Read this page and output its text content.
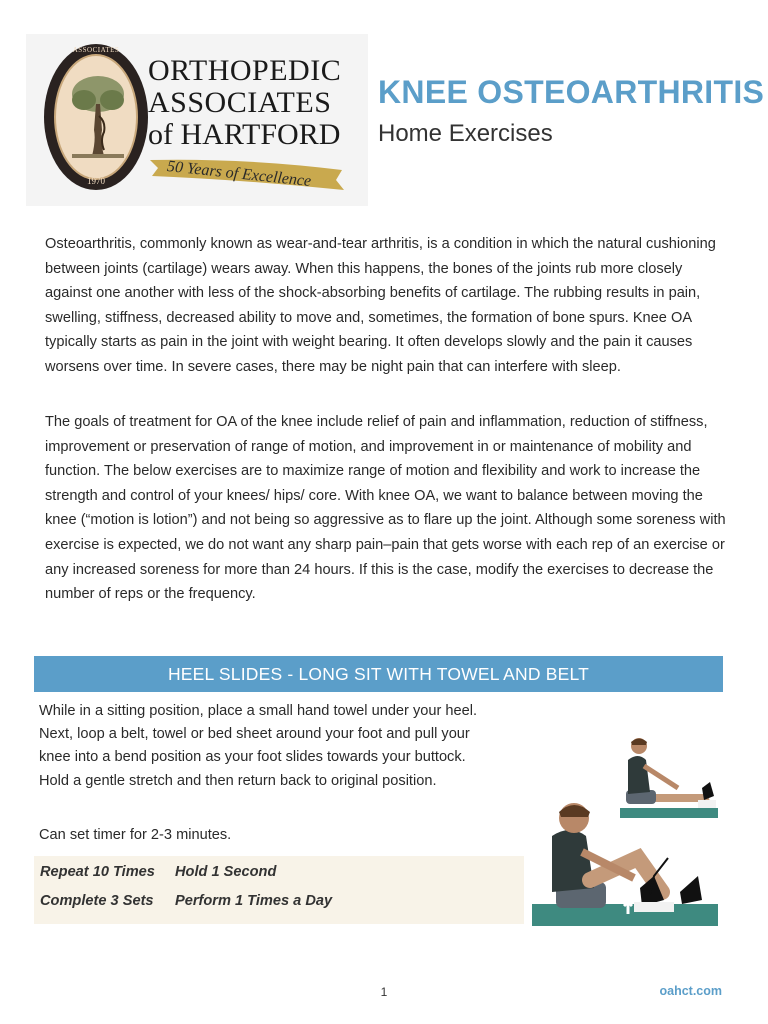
ASSOCIATES
1970
ORTHOPEDIC
ASSOCIATES
of HARTFORD
50 Years of Excellence
KNEE OSTEOARTHRITIS
Home Exercises

Osteoarthritis, commonly known as wear-and-tear arthritis, is a condition in which the natural cushioning between joints (cartilage) wears away. When this happens, the bones of the joints rub more closely against one another with less of the shock-absorbing benefits of cartilage. The rubbing results in pain, swelling, stiffness, decreased ability to move and, sometimes, the formation of bone spurs. Knee OA typically starts as pain in the joint with weight bearing. It often develops slowly and the pain it causes worsens over time. In severe cases, there may be night pain that can interfere with sleep.

The goals of treatment for OA of the knee include relief of pain and inflammation, reduction of stiffness, improvement or preservation of range of motion, and improvement in or maintenance of mobility and function. The below exercises are to maximize range of motion and flexibility and work to increase the strength and control of your knees/ hips/ core. With knee OA, we want to balance between moving the knee (“motion is lotion”) and not being so aggressive as to flare up the joint. Although some soreness with exercise is expected, we do not want any sharp pain–pain that gets worse with each rep of an exercise or any increased soreness for more than 24 hours. If this is the case, modify the exercises to decrease the number of reps or the frequency.

HEEL SLIDES - LONG SIT WITH TOWEL AND BELT

While in a sitting position, place a small hand towel under your heel. Next, loop a belt, towel or bed sheet around your foot and pull your knee into a bend position as your foot slides towards your buttock. Hold a gentle stretch and then return back to original position.

Can set timer for 2-3 minutes.

Repeat 10 Times Hold 1 Second
Complete 3 Sets Perform 1 Times a Day
1	oahct.com
